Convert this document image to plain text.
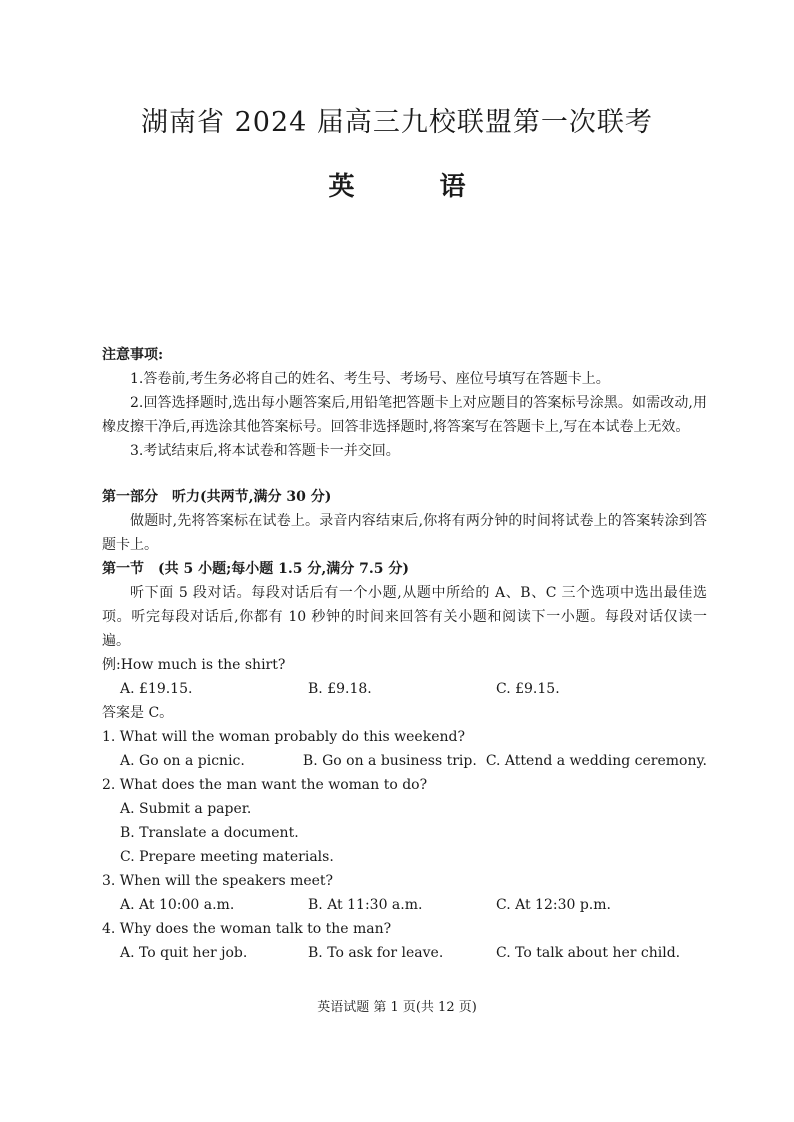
湖南省 2024 届高三九校联盟第一次联考
英 语

注意事项:

1.答卷前,考生务必将自己的姓名、考生号、考场号、座位号填写在答题卡上。

2.回答选择题时,选出每小题答案后,用铅笔把答题卡上对应题目的答案标号涂黑。如需改动,用橡皮擦干净后,再选涂其他答案标号。回答非选择题时,将答案写在答题卡上,写在本试卷上无效。

3.考试结束后,将本试卷和答题卡一并交回。

第一部分　听力(共两节,满分 30 分)

做题时,先将答案标在试卷上。录音内容结束后,你将有两分钟的时间将试卷上的答案转涂到答题卡上。

第一节　(共 5 小题;每小题 1.5 分,满分 7.5 分)

听下面 5 段对话。每段对话后有一个小题,从题中所给的 A、B、C 三个选项中选出最佳选项。听完每段对话后,你都有 10 秒钟的时间来回答有关小题和阅读下一小题。每段对话仅读一遍。

例:How much is the shirt?

A. £19.15.	B. £9.18.	C. £9.15.

答案是 C。

1. What will the woman probably do this weekend?

A. Go on a picnic.	B. Go on a business trip. C. Attend a wedding ceremony.

2. What does the man want the woman to do?

A. Submit a paper.

B. Translate a document.

C. Prepare meeting materials.

3. When will the speakers meet?

A. At 10:00 a.m.	B. At 11:30 a.m.	C. At 12:30 p.m.

4. Why does the woman talk to the man?

A. To quit her job.	B. To ask for leave.	C. To talk about her child.
英语试题 第 1 页(共 12 页)
